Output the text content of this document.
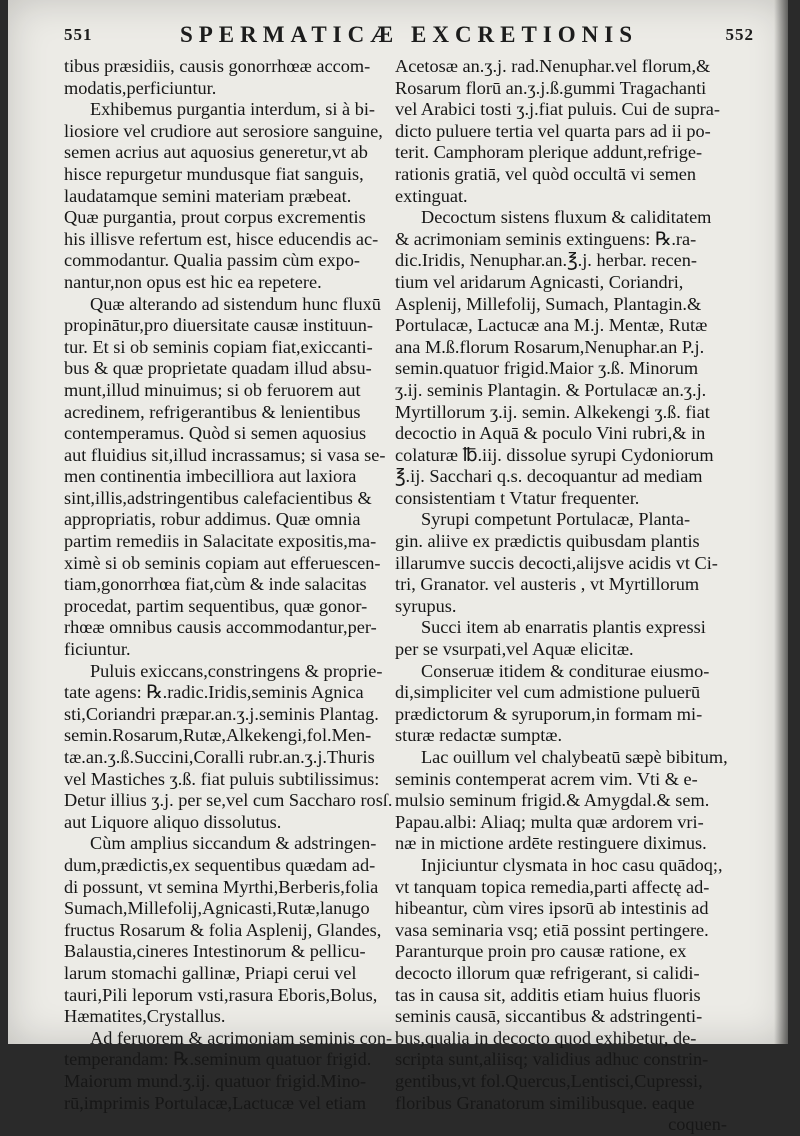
551	SPERMATICÆ EXCRETIONIS	552
tibus præsidiis, causis gonorrhœæ accom-
modatis,perficiuntur.
Exhibemus purgantia interdum, si à bi-
liosiore vel crudiore aut serosiore sanguine,
semen acrius aut aquosius generetur,vt ab
hisce repurgetur mundusque fiat sanguis,
laudatamque semini materiam præbeat.
Quæ purgantia, prout corpus excrementis
his illisve refertum est, hisce educendis ac-
commodantur. Qualia passim cùm expo-
nantur,non opus est hic ea repetere.
Quæ alterando ad sistendum hunc fluxū
propinātur,pro diuersitate causæ instituun-
tur. Et si ob seminis copiam fiat,exiccanti-
bus & quæ proprietate quadam illud absu-
munt,illud minuimus; si ob feruorem aut
acredinem, refrigerantibus & lenientibus
contemperamus. Quòd si semen aquosius
aut fluidius sit,illud incrassamus; si vasa se-
men continentia imbecilliora aut laxiora
sint,illis,adstringentibus calefacientibus &
appropriatis, robur addimus. Quæ omnia
partim remediis in Salacitate expositis,ma-
ximè si ob seminis copiam aut efferuescen-
tiam,gonorrhœa fiat,cùm & inde salacitas
procedat, partim sequentibus, quæ gonor-
rhœæ omnibus causis accommodantur,per-
ficiuntur.
Puluis exiccans,constringens & proprie-
tate agens: ℞.radic.Iridis,seminis Agnica
sti,Coriandri præpar.an.ʒ.j.seminis Plantag.
semin.Rosarum,Rutæ,Alkekengi,fol.Men-
tæ.an.ʒ.ß.Succini,Coralli rubr.an.ʒ.j.Thuris
vel Mastiches ʒ.ß. fiat puluis subtilissimus:
Detur illius ʒ.j. per se,vel cum Saccharo rosſ.
aut Liquore aliquo dissolutus.
Cùm amplius siccandum & adstringen-
dum,prædictis,ex sequentibus quædam ad-
di possunt, vt semina Myrthi,Berberis,folia
Sumach,Millefolij,Agnicasti,Rutæ,lanugo
fructus Rosarum & folia Asplenij, Glandes,
Balaustia,cineres Intestinorum & pellicu-
larum stomachi gallinæ, Priapi cerui vel
tauri,Pili leporum vsti,rasura Eboris,Bolus,
Hæmatites,Crystallus.
Ad feruorem & acrimoniam seminis con-
temperandam: ℞.seminum quatuor frigid.
Maiorum mund.ʒ.ij. quatuor frigid.Mino-
rū,imprimis Portulacæ,Lactucæ vel etiam
Acetosæ an.ʒ.j. rad.Nenuphar.vel florum,&
Rosarum florū an.ʒ.j.ß.gummi Tragachanti
vel Arabici tosti ʒ.j.fiat puluis. Cui de supra-
dicto puluere tertia vel quarta pars ad ii po-
terit. Camphoram plerique addunt,refrige-
rationis gratiā, vel quòd occultā vi semen
extinguat.
Decoctum sistens fluxum & caliditatem
& acrimoniam seminis extinguens: ℞.ra-
dic.Iridis, Nenuphar.an.℥.j. herbar. recen-
tium vel aridarum Agnicasti, Coriandri,
Asplenij, Millefolij, Sumach, Plantagin.&
Portulacæ, Lactucæ ana M.j. Mentæ, Rutæ
ana M.ß.florum Rosarum,Nenuphar.an P.j.
semin.quatuor frigid.Maior ʒ.ß. Minorum
ʒ.ij. seminis Plantagin. & Portulacæ an.ʒ.j.
Myrtillorum ʒ.ij. semin. Alkekengi ʒ.ß. fiat
decoctio in Aquā & poculo Vini rubri,& in
colaturæ ℔.iij. dissolue syrupi Cydoniorum
℥.ij. Sacchari q.s. decoquantur ad mediam
consistentiam t Vtatur frequenter.
Syrupi competunt Portulacæ, Planta-
gin. aliive ex prædictis quibusdam plantis
illarumve succis decocti,alijsve acidis vt Ci-
tri, Granator. vel austeris , vt Myrtillorum
syrupus.
Succi item ab enarratis plantis expressi
per se vsurpati,vel Aquæ elicitæ.
Conseruæ itidem & conditurae eiusmo-
di,simpliciter vel cum admistione puluerū
prædictorum & syruporum,in formam mi-
sturæ redactæ sumptæ.
Lac ouillum vel chalybeatū sæpè bibitum,
seminis contemperat acrem vim. Vti & e-
mulsio seminum frigid.& Amygdal.& sem.
Papau.albi: Aliaq; multa quæ ardorem vri-
næ in mictione ardēte restinguere diximus.
Injiciuntur clysmata in hoc casu quādoq;,
vt tanquam topica remedia,parti affectę ad-
hibeantur, cùm vires ipsorū ab intestinis ad
vasa seminaria vsq; etiā possint pertingere.
Paranturque proin pro causæ ratione, ex
decocto illorum quæ refrigerant, si calidi-
tas in causa sit, additis etiam huius fluoris
seminis causā, siccantibus & adstringenti-
bus,qualia in decocto quod exhibetur, de-
scripta sunt,aliisq; validius adhuc constrin-
gentibus,vt fol.Quercus,Lentisci,Cupressi,
floribus Granatorum similibusque. eaque
coquen-
